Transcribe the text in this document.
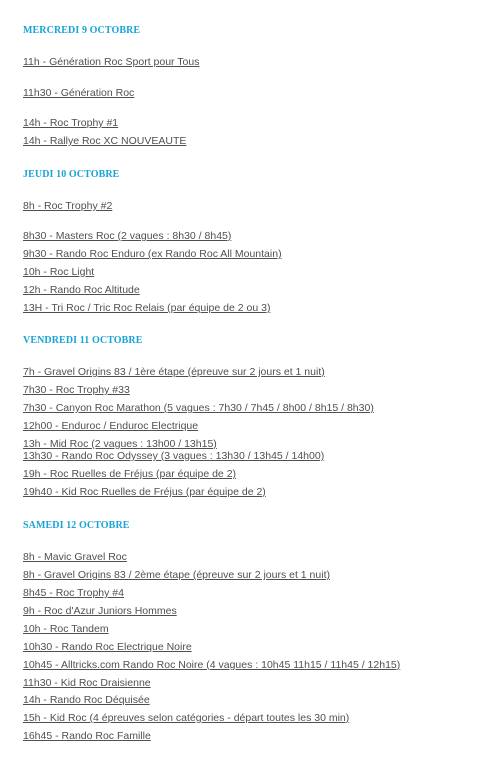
MERCREDI 9 OCTOBRE
11h - Génération Roc Sport pour Tous
11h30 - Génération Roc
14h - Roc Trophy #1
14h - Rallye Roc XC NOUVEAUTE
JEUDI 10 OCTOBRE
8h - Roc Trophy #2
8h30 - Masters Roc (2 vagues : 8h30 / 8h45)
9h30 - Rando Roc Enduro (ex Rando Roc All Mountain)
10h - Roc Light
12h - Rando Roc Altitude
13H - Tri Roc / Tric Roc Relais (par équipe de 2 ou 3)
VENDREDI 11 OCTOBRE
7h - Gravel Origins 83 / 1ère étape (épreuve sur 2 jours et 1 nuit)
7h30 - Roc Trophy #33
7h30 - Canyon Roc Marathon (5 vagues : 7h30 / 7h45 / 8h00 / 8h15 / 8h30)
12h00 - Enduroc / Enduroc Electrique
13h - Mid Roc (2 vagues : 13h00 / 13h15)
13h30 - Rando Roc Odyssey (3 vagues : 13h30 / 13h45 / 14h00)
19h - Roc Ruelles de Fréjus (par équipe de 2)
19h40 - Kid Roc Ruelles de Fréjus (par équipe de 2)
SAMEDI 12 OCTOBRE
8h - Mavic Gravel Roc
8h - Gravel Origins 83 / 2ème étape (épreuve sur 2 jours et 1 nuit)
8h45 - Roc Trophy #4
9h - Roc d'Azur Juniors Hommes
10h - Roc Tandem
10h30 - Rando Roc Electrique Noire
10h45 - Alltricks.com Rando Roc Noire (4 vagues : 10h45 11h15 / 11h45 / 12h15)
11h30 - Kid Roc Draisienne
14h - Rando Roc Déquisée
15h - Kid Roc (4 épreuves selon catégories - départ toutes les 30 min)
16h45 - Rando Roc Famille
